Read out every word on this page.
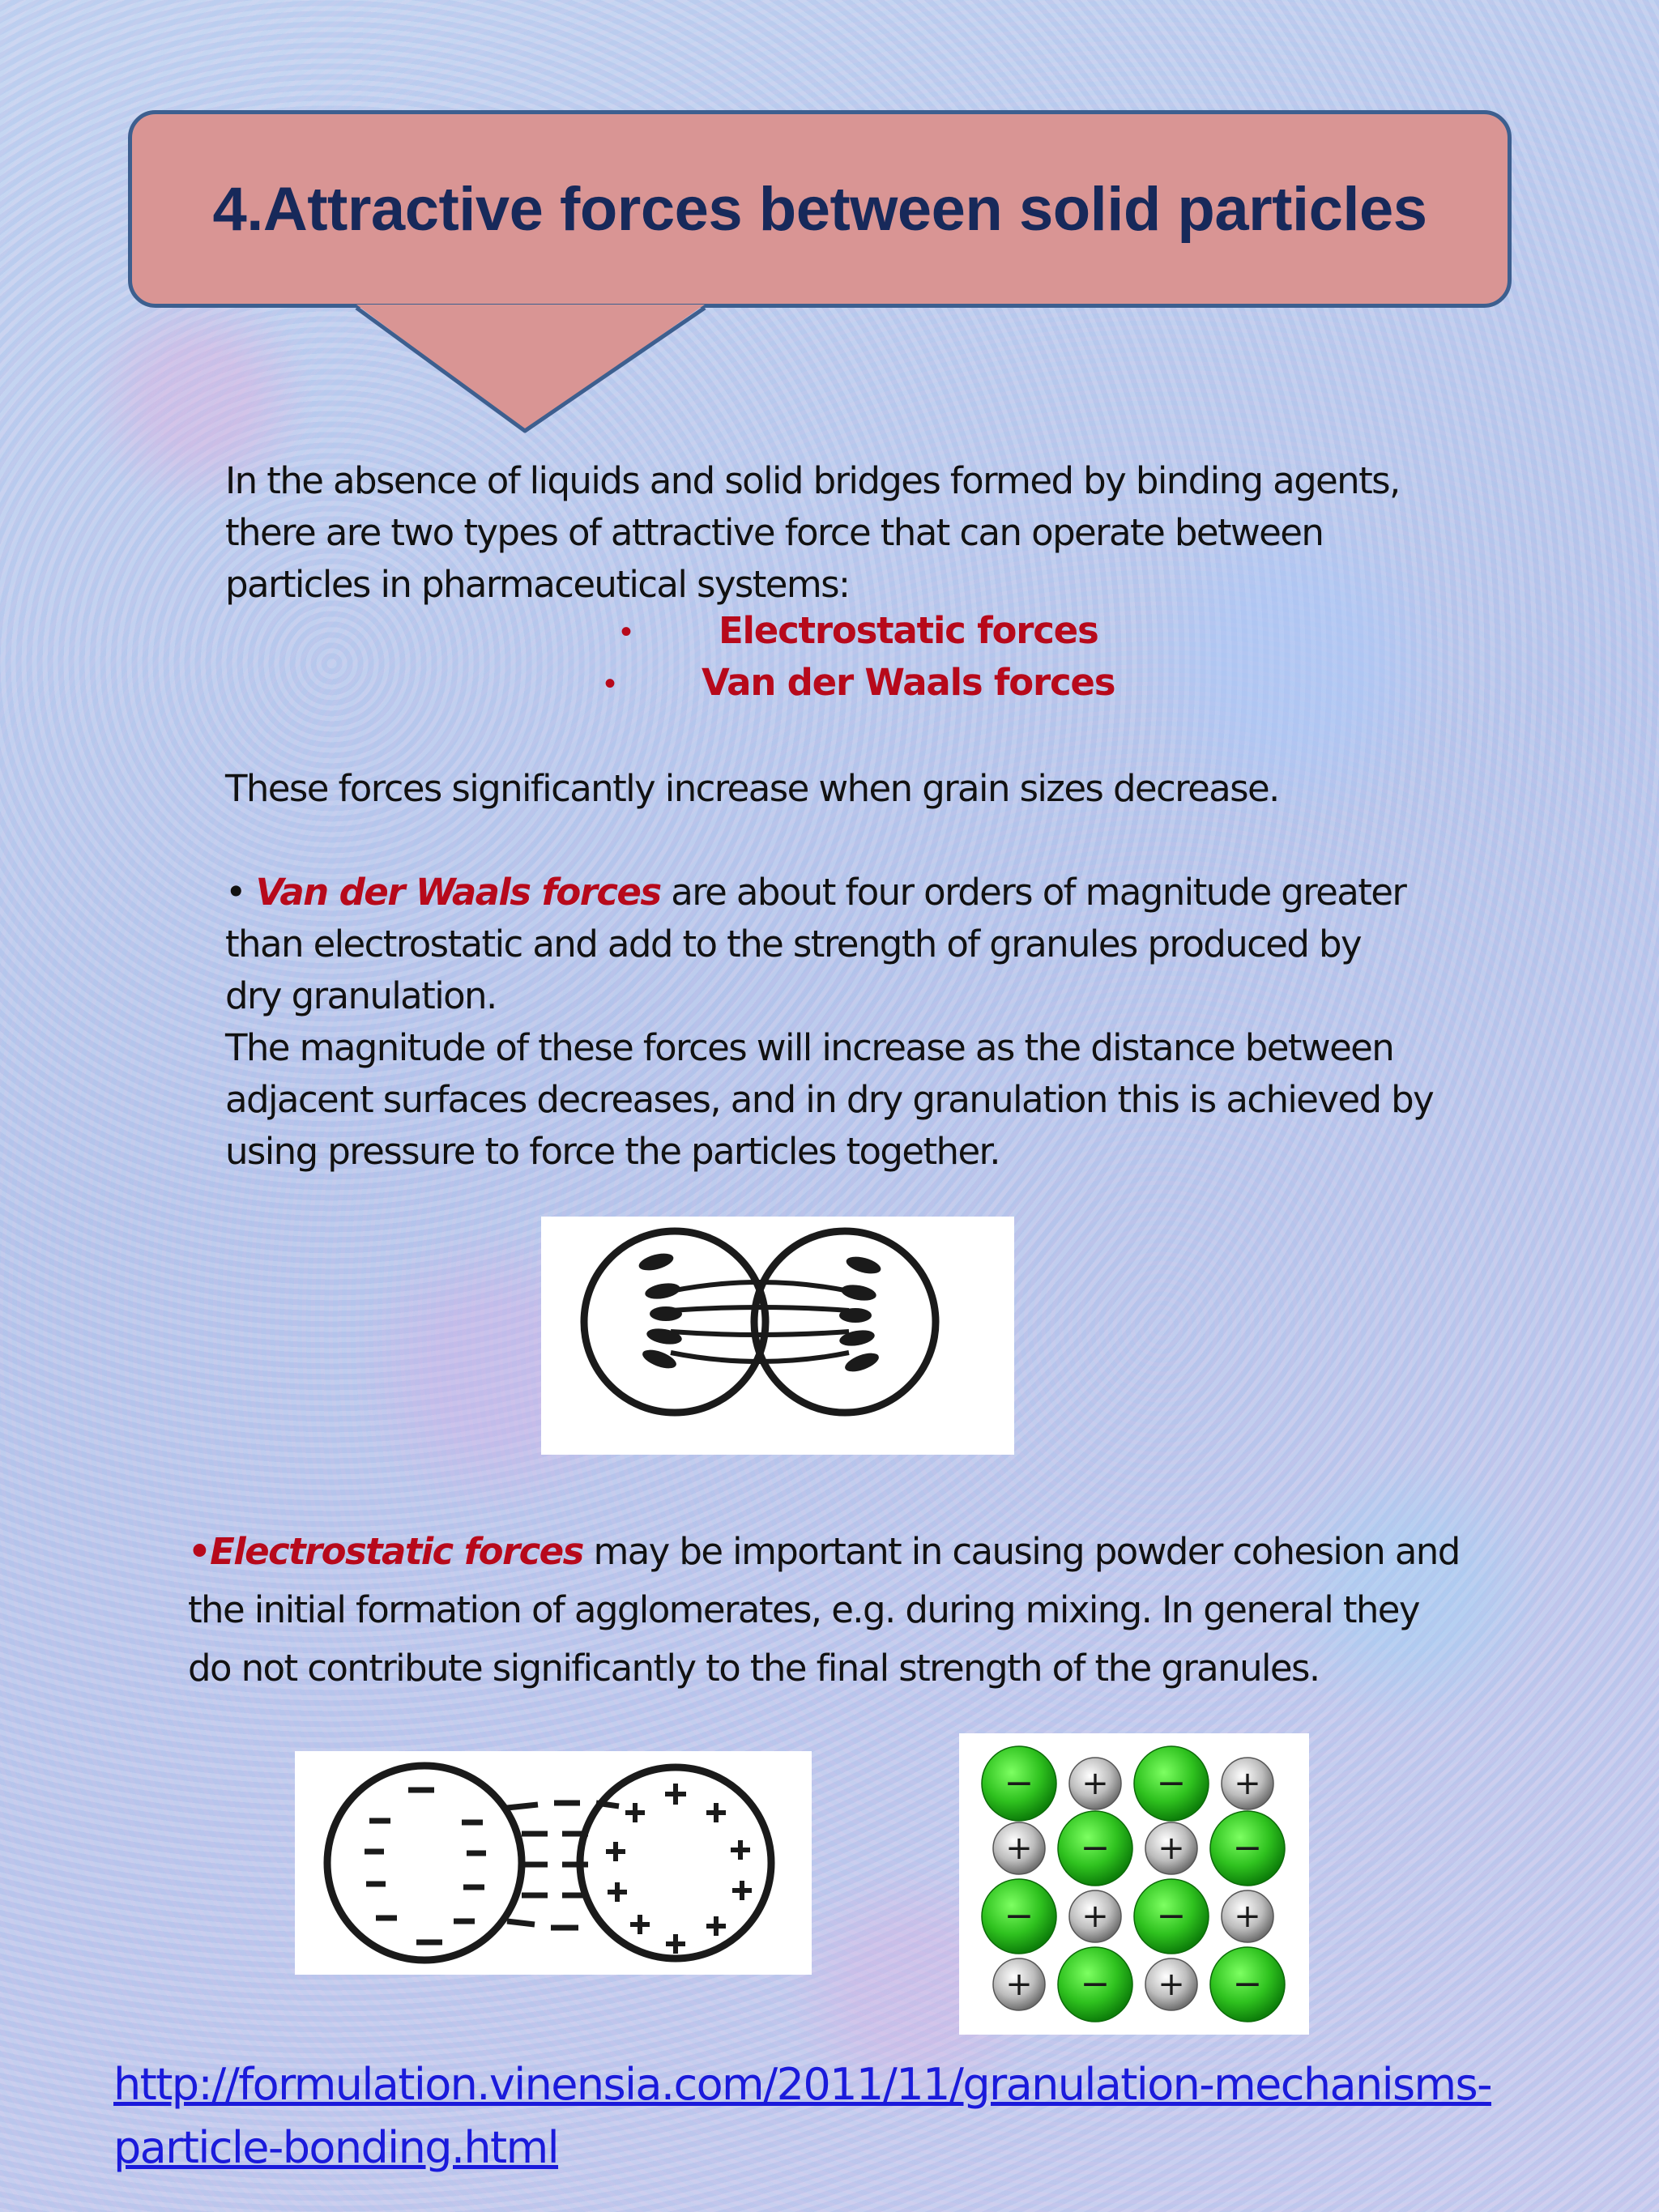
4.Attractive forces between solid particles
In the absence of liquids and solid bridges formed by binding agents,
there are two types of attractive force that can operate between
particles in pharmaceutical systems:
• Electrostatic forces
• Van der Waals forces
These forces significantly increase when grain sizes decrease.
• Van der Waals forces are about four orders of magnitude greater
than electrostatic and add to the strength of granules produced by
dry granulation.
The magnitude of these forces will increase as the distance between
adjacent surfaces decreases, and in dry granulation this is achieved by
using pressure to force the particles together.
•Electrostatic forces may be important in causing powder cohesion and
the initial formation of agglomerates, e.g. during mixing. In general they
do not contribute significantly to the final strength of the granules.
− + − +
+ − + −
− + − +
+ − + −
http://formulation.vinensia.com/2011/11/granulation-mechanisms-
particle-bonding.html
